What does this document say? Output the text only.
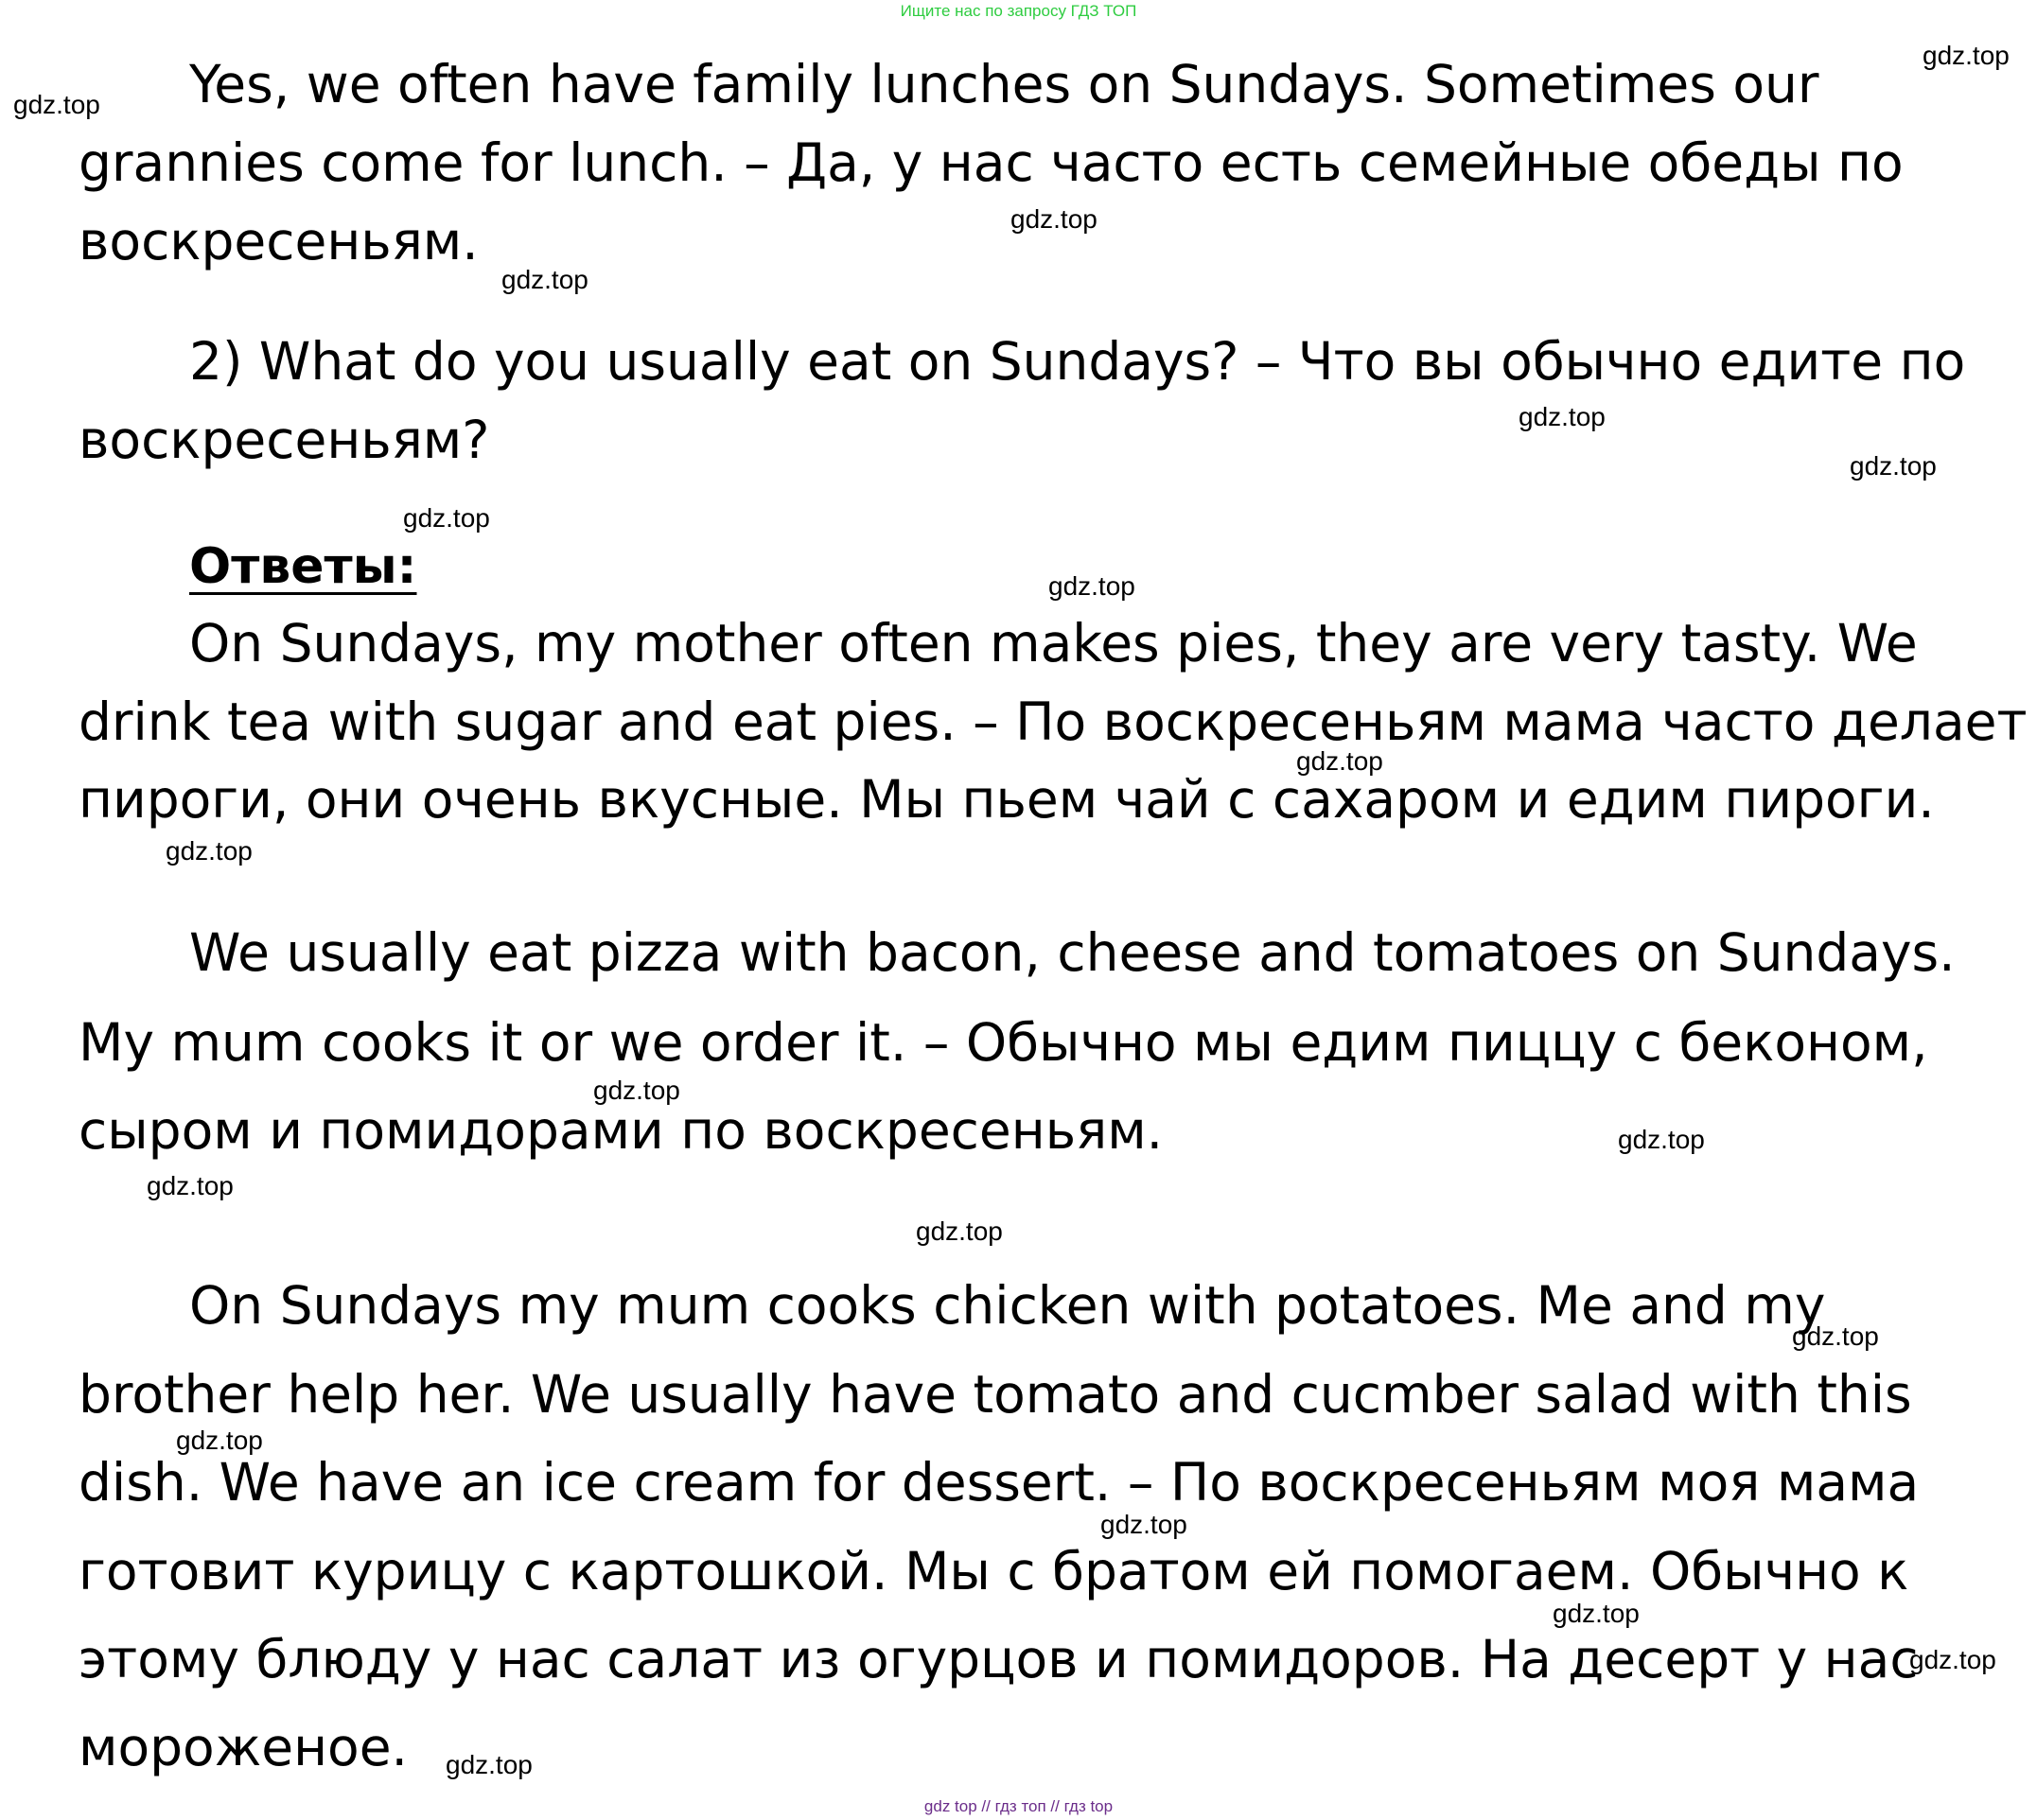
Ищите нас по запросу ГДЗ ТОП
Yes, we often have family lunches on Sundays. Sometimes our
grannies come for lunch. – Да, у нас часто есть семейные обеды по
воскресеньям.
2) What do you usually eat on Sundays? – Что вы обычно едите по
воскресеньям?
Ответы:
On Sundays, my mother often makes pies, they are very tasty. We
drink tea with sugar and eat pies. – По воскресеньям мама часто делает
пироги, они очень вкусные. Мы пьем чай с сахаром и едим пироги.
We usually eat pizza with bacon, cheese and tomatoes on Sundays.
My mum cooks it or we order it. – Обычно мы едим пиццу с беконом,
сыром и помидорами по воскресеньям.
On Sundays my mum cooks chicken with potatoes. Me and my
brother help her. We usually have tomato and cucmber salad with this
dish. We have an ice cream for dessert. – По воскресеньям моя мама
готовит курицу с картошкой. Мы с братом ей помогаем. Обычно к
этому блюду у нас салат из огурцов и помидоров. На десерт у нас
мороженое.
gdz.top
gdz.top
gdz.top
gdz.top
gdz.top
gdz.top
gdz.top
gdz.top
gdz.top
gdz.top
gdz.top
gdz.top
gdz.top
gdz.top
gdz.top
gdz.top
gdz.top
gdz.top
gdz.top
gdz.top
gdz top // гдз топ // гдз top
